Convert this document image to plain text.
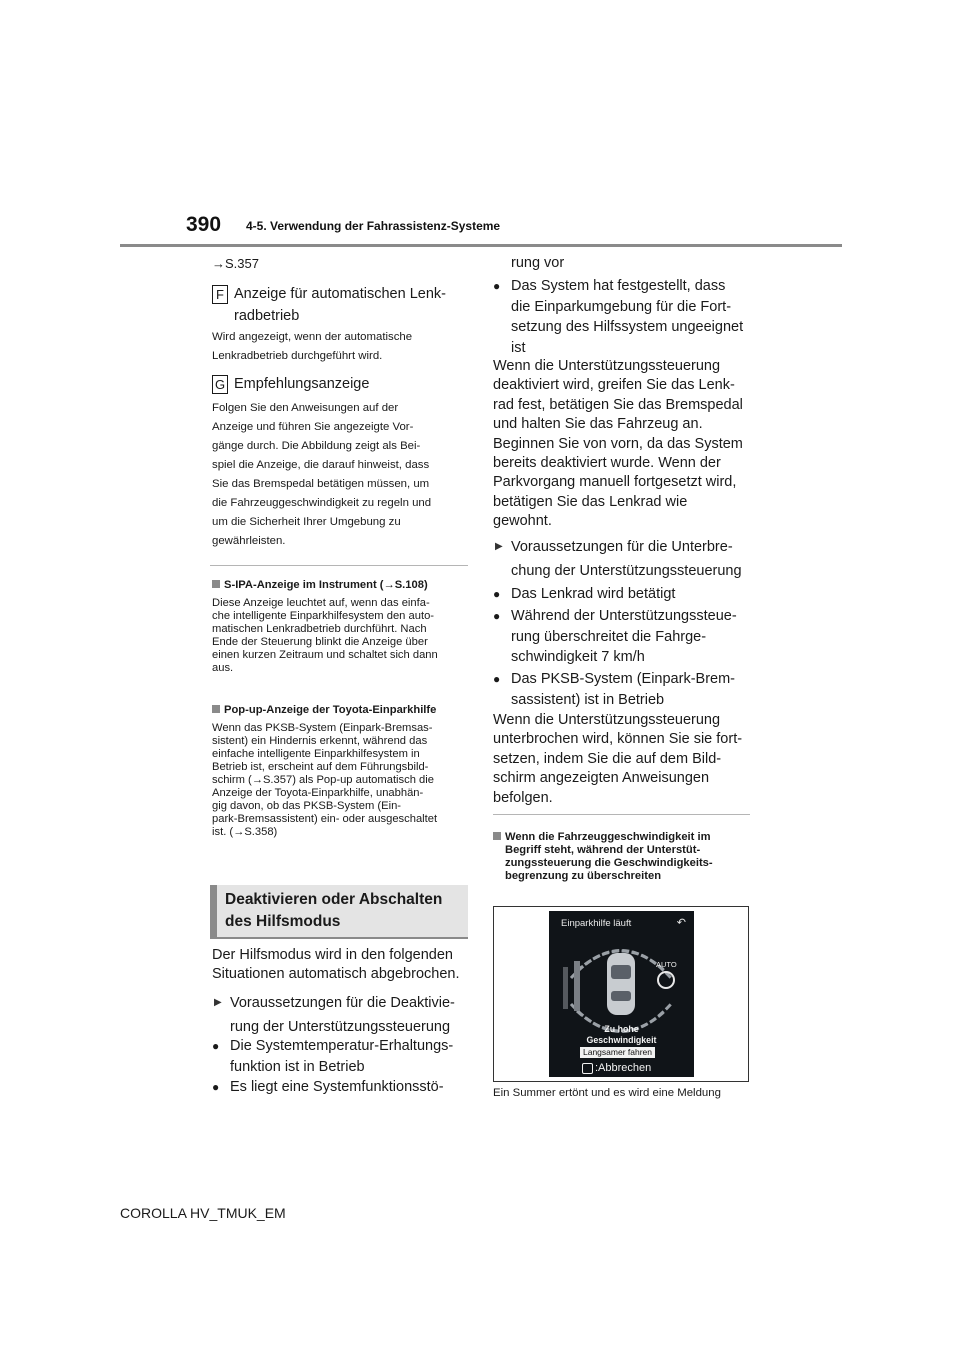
390 4-5. Verwendung der Fahrassistenz-Systeme
→S.357
F Anzeige für automatischen Lenk-
radbetrieb
Wird angezeigt, wenn der automatische
Lenkradbetrieb durchgeführt wird.
G Empfehlungsanzeige
Folgen Sie den Anweisungen auf der
Anzeige und führen Sie angezeigte Vor-
gänge durch. Die Abbildung zeigt als Bei-
spiel die Anzeige, die darauf hinweist, dass
Sie das Bremspedal betätigen müssen, um
die Fahrzeuggeschwindigkeit zu regeln und
um die Sicherheit Ihrer Umgebung zu
gewährleisten.
S-IPA-Anzeige im Instrument (→S.108)
Diese Anzeige leuchtet auf, wenn das einfa-
che intelligente Einparkhilfesystem den auto-
matischen Lenkradbetrieb durchführt. Nach
Ende der Steuerung blinkt die Anzeige über
einen kurzen Zeitraum und schaltet sich dann
aus.
Pop-up-Anzeige der Toyota-Einparkhilfe
Wenn das PKSB-System (Einpark-Bremsas-
sistent) ein Hindernis erkennt, während das
einfache intelligente Einparkhilfesystem in
Betrieb ist, erscheint auf dem Führungsbild-
schirm (→S.357) als Pop-up automatisch die
Anzeige der Toyota-Einparkhilfe, unabhän-
gig davon, ob das PKSB-System (Ein-
park-Bremsassistent) ein- oder ausgeschaltet
ist. (→S.358)
Deaktivieren oder Abschalten
des Hilfsmodus
Der Hilfsmodus wird in den folgenden
Situationen automatisch abgebrochen.
▶ Voraussetzungen für die Deaktivie-
rung der Unterstützungssteuerung
● Die Systemtemperatur-Erhaltungs-
funktion ist in Betrieb
● Es liegt eine Systemfunktionsstö-
rung vor
● Das System hat festgestellt, dass
die Einparkumgebung für die Fort-
setzung des Hilfssystem ungeeignet
ist
Wenn die Unterstützungssteuerung
deaktiviert wird, greifen Sie das Lenk-
rad fest, betätigen Sie das Bremspedal
und halten Sie das Fahrzeug an.
Beginnen Sie von vorn, da das System
bereits deaktiviert wurde. Wenn der
Parkvorgang manuell fortgesetzt wird,
betätigen Sie das Lenkrad wie
gewohnt.
▶ Voraussetzungen für die Unterbre-
chung der Unterstützungssteuerung
● Das Lenkrad wird betätigt
● Während der Unterstützungssteue-
rung überschreitet die Fahrge-
schwindigkeit 7 km/h
● Das PKSB-System (Einpark-Brem-
sassistent) ist in Betrieb
Wenn die Unterstützungssteuerung
unterbrochen wird, können Sie sie fort-
setzen, indem Sie die auf dem Bild-
schirm angezeigten Anweisungen
befolgen.
Wenn die Fahrzeuggeschwindigkeit im
Begriff steht, während der Unterstüt-
zungssteuerung die Geschwindigkeits-
begrenzung zu überschreiten
Einparkhilfe läuft	↶
AUTO
Zu hohe
Geschwindigkeit
Langsamer fahren
:Abbrechen
Ein Summer ertönt und es wird eine Meldung
COROLLA HV_TMUK_EM
